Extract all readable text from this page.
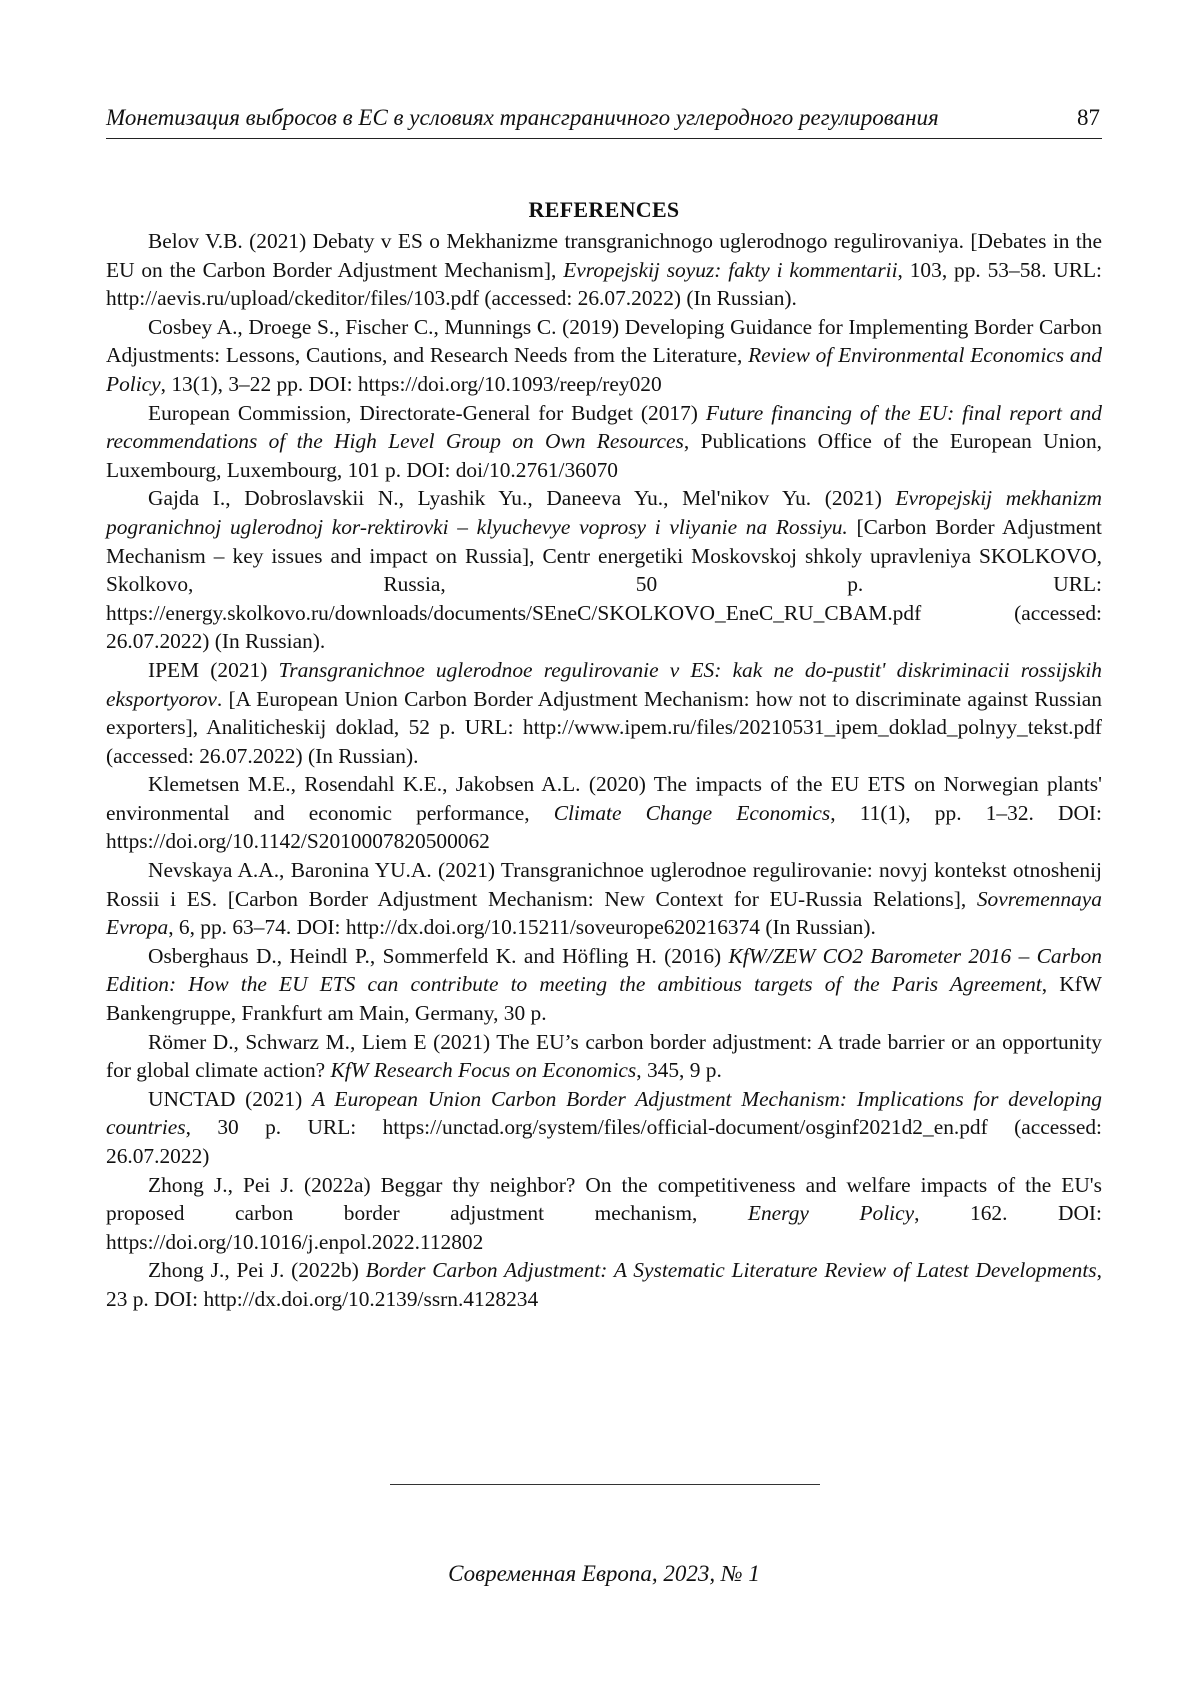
Монетизация выбросов в ЕС в условиях трансграничного углеродного регулирования	87
REFERENCES

Belov V.B. (2021) Debaty v ES o Mekhanizme transgranichnogo uglerodnogo regulirovaniya. [Debates in the EU on the Carbon Border Adjustment Mechanism], Evropejskij soyuz: fakty i kommentarii, 103, pp. 53–58. URL: http://aevis.ru/upload/ckeditor/files/103.pdf (accessed: 26.07.2022) (In Russian).

Cosbey A., Droege S., Fischer C., Munnings C. (2019) Developing Guidance for Implementing Border Carbon Adjustments: Lessons, Cautions, and Research Needs from the Literature, Review of Environmental Economics and Policy, 13(1), 3–22 pp. DOI: https://doi.org/10.1093/reep/rey020

European Commission, Directorate-General for Budget (2017) Future financing of the EU: final report and recommendations of the High Level Group on Own Resources, Publications Office of the European Union, Luxembourg, Luxembourg, 101 p. DOI: doi/10.2761/36070

Gajda I., Dobroslavskii N., Lyashik Yu., Daneeva Yu., Mel'nikov Yu. (2021) Evropejskij mekhanizm pogranichnoj uglerodnoj kor-rektirovki – klyuchevye voprosy i vliyanie na Rossiyu. [Carbon Border Adjustment Mechanism – key issues and impact on Russia], Centr energetiki Moskovskoj shkoly upravleniya SKOLKOVO, Skolkovo, Russia, 50 p. URL: https://energy.skolkovo.ru/downloads/documents/SEneC/SKOLKOVO_EneC_RU_CBAM.pdf (accessed: 26.07.2022) (In Russian).

IPEM (2021) Transgranichnoe uglerodnoe regulirovanie v ES: kak ne do-pustit' diskriminacii rossijskih eksportyorov. [A European Union Carbon Border Adjustment Mechanism: how not to discriminate against Russian exporters], Analiticheskij doklad, 52 p. URL: http://www.ipem.ru/files/20210531_ipem_doklad_polnyy_tekst.pdf (accessed: 26.07.2022) (In Russian).

Klemetsen M.E., Rosendahl K.E., Jakobsen A.L. (2020) The impacts of the EU ETS on Norwegian plants' environmental and economic performance, Climate Change Economics, 11(1), pp. 1–32. DOI: https://doi.org/10.1142/S2010007820500062

Nevskaya A.A., Baronina YU.A. (2021) Transgranichnoe uglerodnoe regulirovanie: novyj kontekst otnoshenij Rossii i ES. [Carbon Border Adjustment Mechanism: New Context for EU-Russia Relations], Sovremennaya Evropa, 6, pp. 63–74. DOI: http://dx.doi.org/10.15211/soveurope620216374 (In Russian).

Osberghaus D., Heindl P., Sommerfeld K. and Höfling H. (2016) KfW/ZEW CO2 Barometer 2016 – Carbon Edition: How the EU ETS can contribute to meeting the ambitious targets of the Paris Agreement, KfW Bankengruppe, Frankfurt am Main, Germany, 30 p.

Römer D., Schwarz M., Liem E (2021) The EU’s carbon border adjustment: A trade barrier or an opportunity for global climate action? KfW Research Focus on Economics, 345, 9 p.

UNCTAD (2021) A European Union Carbon Border Adjustment Mechanism: Implications for developing countries, 30 p. URL: https://unctad.org/system/files/official-document/osginf2021d2_en.pdf (accessed: 26.07.2022)

Zhong J., Pei J. (2022a) Beggar thy neighbor? On the competitiveness and welfare impacts of the EU's proposed carbon border adjustment mechanism, Energy Policy, 162. DOI: https://doi.org/10.1016/j.enpol.2022.112802

Zhong J., Pei J. (2022b) Border Carbon Adjustment: A Systematic Literature Review of Latest Developments, 23 p. DOI: http://dx.doi.org/10.2139/ssrn.4128234

Современная Европа, 2023, № 1
